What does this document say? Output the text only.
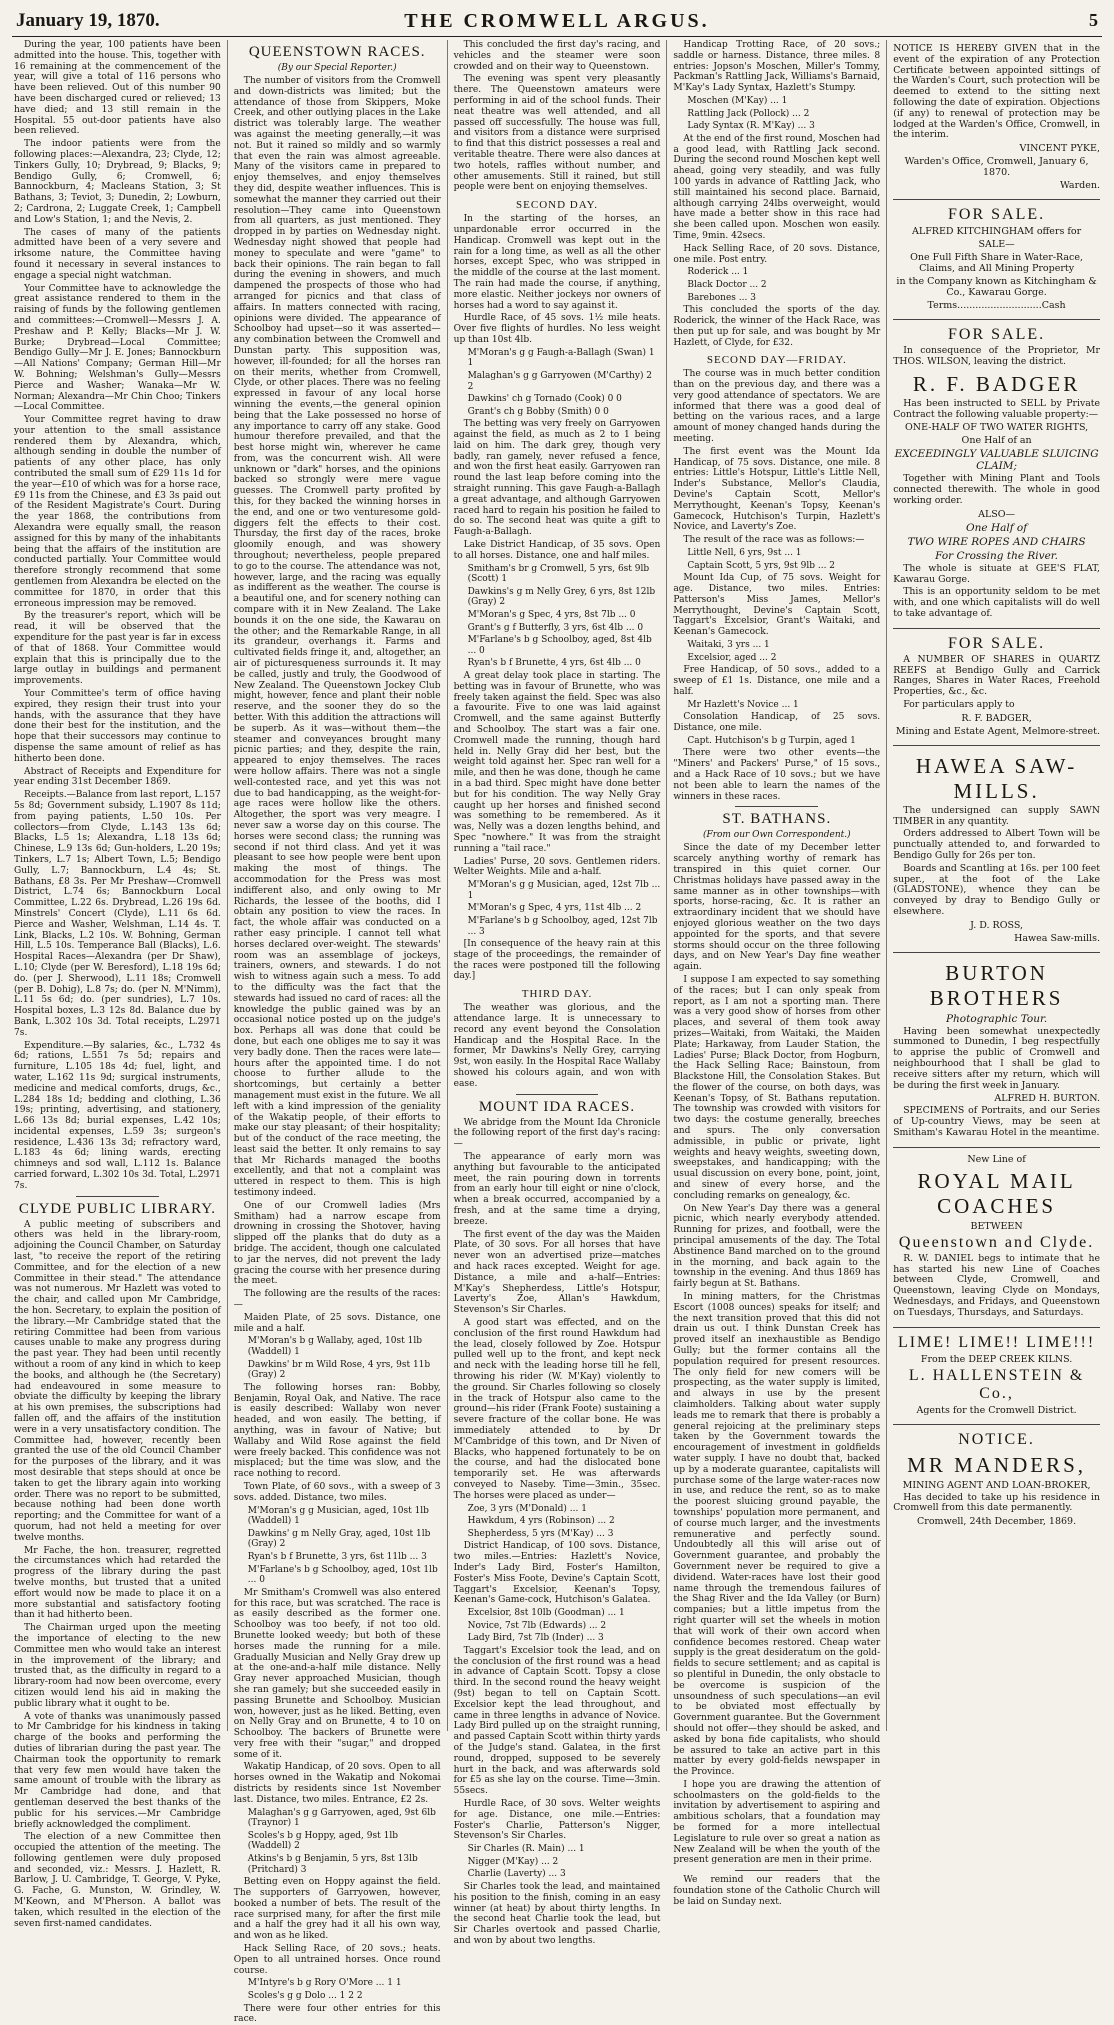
January 19, 1870.	THE CROMWELL ARGUS.	5

During the year, 100 patients have been admitted into the house. This, together with 16 remaining at the commencement of the year, will give a total of 116 persons who have been relieved. Out of this number 90 have been discharged cured or relieved; 13 have died; and 13 still remain in the Hospital. 55 out-door patients have also been relieved.

The indoor patients were from the following places:—Alexandra, 23; Clyde, 12; Tinkers Gully, 10; Drybread, 9; Blacks, 9; Bendigo Gully, 6; Cromwell, 6; Bannockburn, 4; Macleans Station, 3; St Bathans, 3; Teviot, 3; Dunedin, 2; Lowburn, 2; Cardrona, 2; Luggate Creek, 1; Campbell and Low's Station, 1; and the Nevis, 2.

The cases of many of the patients admitted have been of a very severe and irksome nature, the Committee having found it necessary in several instances to engage a special night watchman.

Your Committee have to acknowledge the great assistance rendered to them in the raising of funds by the following gentlemen and committees:—Cromwell—Messrs J. A. Preshaw and P. Kelly; Blacks—Mr J. W. Burke; Drybread—Local Committee; Bendigo Gully—Mr J. E. Jones; Bannockburn—All Nations' Company; German Hill—Mr W. Bohning; Welshman's Gully—Messrs Pierce and Washer; Wanaka—Mr W. Norman; Alexandra—Mr Chin Choo; Tinkers—Local Committee.

Your Committee regret having to draw your attention to the small assistance rendered them by Alexandra, which, although sending in double the number of patients of any other place, has only contributed the small sum of £29 11s 1d for the year—£10 of which was for a horse race, £9 11s from the Chinese, and £3 3s paid out of the Resident Magistrate's Court. During the year 1868, the contributions from Alexandra were equally small, the reason assigned for this by many of the inhabitants being that the affairs of the institution are conducted partially. Your Committee would therefore strongly recommend that some gentlemen from Alexandra be elected on the committee for 1870, in order that this erroneous impression may be removed.

By the treasurer's report, which will be read, it will be observed that the expenditure for the past year is far in excess of that of 1868. Your Committee would explain that this is principally due to the large outlay in buildings and permanent improvements.

Your Committee's term of office having expired, they resign their trust into your hands, with the assurance that they have done their best for the institution, and the hope that their successors may continue to dispense the same amount of relief as has hitherto been done.

Abstract of Receipts and Expenditure for year ending 31st December 1869.

Receipts.—Balance from last report, L.157 5s 8d; Government subsidy, L.1907 8s 11d; from paying patients, L.50 10s. Per collectors—from Clyde, L.143 13s 6d; Blacks, L.5 1s; Alexandra, L.18 13s 6d; Chinese, L.9 13s 6d; Gun-holders, L.20 19s; Tinkers, L.7 1s; Albert Town, L.5; Bendigo Gully, L.7; Bannockburn, L.4 4s; St. Bathans, £8 3s. Per Mr Preshaw—Cromwell District, L.74 6s; Bannockburn Local Committee, L.22 6s. Drybread, L.26 19s 6d. Minstrels' Concert (Clyde), L.11 6s 6d. Pierce and Washer, Welshman, L.14 4s. T. Link, Blacks, L.2 10s. W. Bohning, German Hill, L.5 10s. Temperance Ball (Blacks), L.6. Hospital Races—Alexandra (per Dr Shaw), L.10; Clyde (per W. Beresford), L.18 19s 6d; do. (per J. Sherwood), L.11 18s; Cromwell (per B. Dohig), L.8 7s; do. (per N. M'Nimm), L.11 5s 6d; do. (per sundries), L.7 10s. Hospital boxes, L.3 12s 8d. Balance due by Bank, L.302 10s 3d. Total receipts, L.2971 7s.

Expenditure.—By salaries, &c., L.732 4s 6d; rations, L.551 7s 5d; repairs and furniture, L.105 18s 4d; fuel, light, and water, L.162 11s 9d; surgical instruments, medicine and medical comforts, drugs, &c., L.284 18s 1d; bedding and clothing, L.36 19s; printing, advertising, and stationery, L.66 13s 8d; burial expenses, L.42 10s; incidental expenses, L.59 3s; surgeon's residence, L.436 13s 3d; refractory ward, L.183 4s 6d; lining wards, erecting chimneys and sod wall, L.112 1s. Balance carried forward, L.302 10s 3d. Total, L.2971 7s.

CLYDE PUBLIC LIBRARY.

A public meeting of subscribers and others was held in the library-room, adjoining the Council Chamber, on Saturday last, "to receive the report of the retiring Committee, and for the election of a new Committee in their stead." The attendance was not numerous. Mr Hazlett was voted to the chair, and called upon Mr Cambridge, the hon. Secretary, to explain the position of the library.—Mr Cambridge stated that the retiring Committee had been from various causes unable to make any progress during the past year. They had been until recently without a room of any kind in which to keep the books, and although he (the Secretary) had endeavoured in some measure to obviate the difficulty by keeping the library at his own premises, the subscriptions had fallen off, and the affairs of the institution were in a very unsatisfactory condition. The Committee had, however, recently been granted the use of the old Council Chamber for the purposes of the library, and it was most desirable that steps should at once be taken to get the library again into working order. There was no report to be submitted, because nothing had been done worth reporting; and the Committee for want of a quorum, had not held a meeting for over twelve months.

Mr Fache, the hon. treasurer, regretted the circumstances which had retarded the progress of the library during the past twelve months, but trusted that a united effort would now be made to place it on a more substantial and satisfactory footing than it had hitherto been.

The Chairman urged upon the meeting the importance of electing to the new Committee men who would take an interest in the improvement of the library; and trusted that, as the difficulty in regard to a library-room had now been overcome, every citizen would lend his aid in making the public library what it ought to be.

A vote of thanks was unanimously passed to Mr Cambridge for his kindness in taking charge of the books and performing the duties of librarian during the past year. The Chairman took the opportunity to remark that very few men would have taken the same amount of trouble with the library as Mr Cambridge had done, and that gentleman deserved the best thanks of the public for his services.—Mr Cambridge briefly acknowledged the compliment.

The election of a new Committee then occupied the attention of the meeting. The following gentlemen were duly proposed and seconded, viz.: Messrs. J. Hazlett, R. Barlow, J. U. Cambridge, T. George, V. Pyke, G. Fache, G. Munston, W. Grindley, W. M'Keown, and M'Pherson. A ballot was taken, which resulted in the election of the seven first-named candidates.

QUEENSTOWN RACES.
(By our Special Reporter.)

The number of visitors from the Cromwell and down-districts was limited; but the attendance of those from Skippers, Moke Creek, and other outlying places in the Lake district was tolerably large. The weather was against the meeting generally,—it was not. But it rained so mildly and so warmly that even the rain was almost agreeable. Many of the visitors came in prepared to enjoy themselves, and enjoy themselves they did, despite weather influences. This is somewhat the manner they carried out their resolution—They came into Queenstown from all quarters, as just mentioned. They dropped in by parties on Wednesday night. Wednesday night showed that people had money to speculate and were "game" to back their opinions. The rain began to fall during the evening in showers, and much dampened the prospects of those who had arranged for picnics and that class of affairs. In matters connected with racing, opinions were divided. The appearance of Schoolboy had upset—so it was asserted—any combination between the Cromwell and Dunstan party. This supposition was, however, ill-founded; for all the horses ran on their merits, whether from Cromwell, Clyde, or other places. There was no feeling expressed in favour of any local horse winning the events,—the general opinion being that the Lake possessed no horse of any importance to carry off any stake. Good humour therefore prevailed, and that the best horse might win, wherever he came from, was the concurrent wish. All were unknown or "dark" horses, and the opinions backed so strongly were mere vague guesses. The Cromwell party profited by this, for they backed the winning horses in the end, and one or two venturesome gold-diggers felt the effects to their cost. Thursday, the first day of the races, broke gloomily enough, and was showery throughout; nevertheless, people prepared to go to the course. The attendance was not, however, large, and the racing was equally as indifferent as the weather. The course is a beautiful one, and for scenery nothing can compare with it in New Zealand. The Lake bounds it on the one side, the Kawarau on the other; and the Remarkable Range, in all its grandeur, overhangs it. Farms and cultivated fields fringe it, and, altogether, an air of picturesqueness surrounds it. It may be called, justly and truly, the Goodwood of New Zealand. The Queenstown Jockey Club might, however, fence and plant their noble reserve, and the sooner they do so the better. With this addition the attractions will be superb. As it was—without them—the steamer and conveyances brought many picnic parties; and they, despite the rain, appeared to enjoy themselves. The races were hollow affairs. There was not a single well-contested race, and yet this was not due to bad handicapping, as the weight-for-age races were hollow like the others. Altogether, the sport was very meagre. I never saw a worse day on this course. The horses were second class; the running was second if not third class. And yet it was pleasant to see how people were bent upon making the most of things. The accommodation for the Press was most indifferent also, and only owing to Mr Richards, the lessee of the booths, did I obtain any position to view the races. In fact, the whole affair was conducted on a rather easy principle. I cannot tell what horses declared over-weight. The stewards' room was an assemblage of jockeys, trainers, owners, and stewards. I do not wish to witness again such a mess. To add to the difficulty was the fact that the stewards had issued no card of races: all the knowledge the public gained was by an occasional notice posted up on the judge's box. Perhaps all was done that could be done, but each one obliges me to say it was very badly done. Then the races were late—hours after the appointed time. I do not choose to further allude to the shortcomings, but certainly a better management must exist in the future. We all left with a kind impression of the geniality of the Wakatip people, of their efforts to make our stay pleasant; of their hospitality; but of the conduct of the race meeting, the least said the better. It only remains to say that Mr Richards managed the booths excellently, and that not a complaint was uttered in respect to them. This is high testimony indeed.

One of our Cromwell ladies (Mrs Smitham) had a narrow escape from drowning in crossing the Shotover, having slipped off the planks that do duty as a bridge. The accident, though one calculated to jar the nerves, did not prevent the lady gracing the course with her presence during the meet.

The following are the results of the races:—

Maiden Plate, of 25 sovs. Distance, one mile and a half.

M'Moran's b g Wallaby, aged, 10st 1lb (Waddell) 1
Dawkins' br m Wild Rose, 4 yrs, 9st 11b (Gray) 2

The following horses ran: Bobby, Benjamin, Royal Oak, and Native. The race is easily described: Wallaby won never headed, and won easily. The betting, if anything, was in favour of Native; but Wallaby and Wild Rose against the field were freely backed. This confidence was not misplaced; but the time was slow, and the race nothing to record.

Town Plate, of 60 sovs., with a sweep of 3 sovs. added. Distance, two miles.

M'Moran's g g Musician, aged, 10st 1lb (Waddell) 1
Dawkins' g m Nelly Gray, aged, 10st 1lb (Gray) 2
Ryan's b f Brunette, 3 yrs, 6st 11lb ... 3
M'Farlane's b g Schoolboy, aged, 10st 1lb ... 0

Mr Smitham's Cromwell was also entered for this race, but was scratched. The race is as easily described as the former one. Schoolboy was too beefy, if not too old. Brunette looked weedy; but both of these horses made the running for a mile. Gradually Musician and Nelly Gray drew up at the one-and-a-half mile distance. Nelly Gray never approached Musician, though she ran gamely; but she succeeded easily in passing Brunette and Schoolboy. Musician won, however, just as he liked. Betting, even on Nelly Gray and on Brunette, 4 to 10 on Schoolboy. The backers of Brunette were very free with their "sugar," and dropped some of it.

Wakatip Handicap, of 20 sovs. Open to all horses owned in the Wakatip and Nokomai districts by residents since 1st November last. Distance, two miles. Entrance, £2 2s.

Malaghan's g g Garryowen, aged, 9st 6lb (Traynor) 1
Scoles's b g Hoppy, aged, 9st 1lb (Waddell) 2
Atkins's b g Benjamin, 5 yrs, 8st 13lb (Pritchard) 3

Betting even on Hoppy against the field. The supporters of Garryowen, however, booked a number of bets. The result of the race surprised many, for after the first mile and a half the grey had it all his own way, and won as he liked.

Hack Selling Race, of 20 sovs.; heats. Open to all untrained horses. Once round course.

M'Intyre's b g Rory O'More ... 1 1
Scoles's g g Dolo ... 1 2 2

There were four other entries for this race.

This concluded the first day's racing, and vehicles and the steamer were soon crowded and on their way to Queenstown.

The evening was spent very pleasantly there. The Queenstown amateurs were performing in aid of the school funds. Their neat theatre was well attended, and all passed off successfully. The house was full, and visitors from a distance were surprised to find that this district possesses a real and veritable theatre. There were also dances at two hotels, raffles without number, and other amusements. Still it rained, but still people were bent on enjoying themselves.

SECOND DAY.

In the starting of the horses, an unpardonable error occurred in the Handicap. Cromwell was kept out in the rain for a long time, as well as all the other horses, except Spec, who was stripped in the middle of the course at the last moment. The rain had made the course, if anything, more elastic. Neither jockeys nor owners of horses had a word to say against it.

Hurdle Race, of 45 sovs. 1½ mile heats. Over five flights of hurdles. No less weight up than 10st 4lb.

M'Moran's g g Faugh-a-Ballagh (Swan) 1 1
Malaghan's g g Garryowen (M'Carthy) 2 2
Dawkins' ch g Tornado (Cook) 0 0
Grant's ch g Bobby (Smith) 0 0

The betting was very freely on Garryowen against the field, as much as 2 to 1 being laid on him. The dark grey, though very badly, ran gamely, never refused a fence, and won the first heat easily. Garryowen ran round the last leap before coming into the straight running. This gave Faugh-a-Ballagh a great advantage, and although Garryowen raced hard to regain his position he failed to do so. The second heat was quite a gift to Faugh-a-Ballagh.

Lake District Handicap, of 35 sovs. Open to all horses. Distance, one and half miles.

Smitham's br g Cromwell, 5 yrs, 6st 9lb (Scott) 1
Dawkins's g m Nelly Grey, 6 yrs, 8st 12lb (Gray) 2
M'Moran's g Spec, 4 yrs, 8st 7lb ... 0
Grant's g f Butterfly, 3 yrs, 6st 4lb ... 0
M'Farlane's b g Schoolboy, aged, 8st 4lb ... 0
Ryan's b f Brunette, 4 yrs, 6st 4lb ... 0

A great delay took place in starting. The betting was in favour of Brunette, who was freely taken against the field. Spec was also a favourite. Five to one was laid against Cromwell, and the same against Butterfly and Schoolboy. The start was a fair one. Cromwell made the running, though hard held in. Nelly Gray did her best, but the weight told against her. Spec ran well for a mile, and then he was done, though he came in a bad third. Spec might have done better but for his condition. The way Nelly Gray caught up her horses and finished second was something to be remembered. As it was, Nelly was a dozen lengths behind, and Spec "nowhere." It was from the straight running a "tail race."

Ladies' Purse, 20 sovs. Gentlemen riders. Welter Weights. Mile and a-half.

M'Moran's g g Musician, aged, 12st 7lb ... 1
M'Moran's g Spec, 4 yrs, 11st 4lb ... 2
M'Farlane's b g Schoolboy, aged, 12st 7lb ... 3

[In consequence of the heavy rain at this stage of the proceedings, the remainder of the races were postponed till the following day.]

THIRD DAY.

The weather was glorious, and the attendance large. It is unnecessary to record any event beyond the Consolation Handicap and the Hospital Race. In the former, Mr Dawkins's Nelly Grey, carrying 9st, won easily. In the Hospital Race Wallaby showed his colours again, and won with ease.

MOUNT IDA RACES.

We abridge from the Mount Ida Chronicle the following report of the first day's racing:—

The appearance of early morn was anything but favourable to the anticipated meet, the rain pouring down in torrents from an early hour till eight or nine o'clock, when a break occurred, accompanied by a fresh, and at the same time a drying, breeze.

The first event of the day was the Maiden Plate, of 30 sovs. For all horses that have never won an advertised prize—matches and hack races excepted. Weight for age. Distance, a mile and a-half—Entries: M'Kay's Shepherdess, Little's Hotspur, Laverty's Zoe, Allan's Hawkdum, Stevenson's Sir Charles.

A good start was effected, and on the conclusion of the first round Hawkdum had the lead, closely followed by Zoe. Hotspur pulled well up to the front, and kept neck and neck with the leading horse till he fell, throwing his rider (W. M'Kay) violently to the ground. Sir Charles following so closely in the track of Hotspur also came to the ground—his rider (Frank Foote) sustaining a severe fracture of the collar bone. He was immediately attended to by Dr M'Cambridge of this town, and Dr Niven of Blacks, who happened fortunately to be on the course, and had the dislocated bone temporarily set. He was afterwards conveyed to Naseby. Time—3min., 35sec. The horses were placed as under—

Zoe, 3 yrs (M'Donald) ... 1
Hawkdum, 4 yrs (Robinson) ... 2
Shepherdess, 5 yrs (M'Kay) ... 3

District Handicap, of 100 sovs. Distance, two miles.—Entries: Hazlett's Novice, Inder's Lady Bird, Foster's Hamilton, Foster's Miss Foote, Devine's Captain Scott, Taggart's Excelsior, Keenan's Topsy, Keenan's Game-cock, Hutchison's Galatea.

Excelsior, 8st 10lb (Goodman) ... 1
Novice, 7st 7lb (Edwards) ... 2
Lady Bird, 7st 7lb (Inder) ... 3

Taggart's Excelsior took the lead, and on the conclusion of the first round was a head in advance of Captain Scott. Topsy a close third. In the second round the heavy weight (9st) began to tell on Captain Scott. Excelsior kept the lead throughout, and came in three lengths in advance of Novice. Lady Bird pulled up on the straight running, and passed Captain Scott within thirty yards of the Judge's stand. Galatea, in the first round, dropped, supposed to be severely hurt in the back, and was afterwards sold for £5 as she lay on the course. Time—3min. 55secs.

Hurdle Race, of 30 sovs. Welter weights for age. Distance, one mile.—Entries: Foster's Charlie, Patterson's Nigger, Stevenson's Sir Charles.

Sir Charles (R. Main) ... 1
Nigger (M'Kay) ... 2
Charlie (Laverty) ... 3

Sir Charles took the lead, and maintained his position to the finish, coming in an easy winner (at heat) by about thirty lengths. In the second heat Charlie took the lead, but Sir Charles overtook and passed Charlie, and won by about two lengths.

Handicap Trotting Race, of 20 sovs.; saddle or harness. Distance, three miles. 8 entries: Jopson's Moschen, Miller's Tommy, Packman's Rattling Jack, Williams's Barnaid, M'Kay's Lady Syntax, Hazlett's Stumpy.

Moschen (M'Kay) ... 1
Rattling Jack (Pollock) ... 2
Lady Syntax (R. M'Kay) ... 3

At the end of the first round, Moschen had a good lead, with Rattling Jack second. During the second round Moschen kept well ahead, going very steadily, and was fully 100 yards in advance of Rattling Jack, who still maintained his second place. Barnaid, although carrying 24lbs overweight, would have made a better show in this race had she been called upon. Moschen won easily. Time, 9min. 42secs.

Hack Selling Race, of 20 sovs. Distance, one mile. Post entry.

Roderick ... 1
Black Doctor ... 2
Barebones ... 3

This concluded the sports of the day. Roderick, the winner of the Hack Race, was then put up for sale, and was bought by Mr Hazlett, of Clyde, for £32.

SECOND DAY—FRIDAY.

The course was in much better condition than on the previous day, and there was a very good attendance of spectators. We are informed that there was a good deal of betting on the various races, and a large amount of money changed hands during the meeting.

The first event was the Mount Ida Handicap, of 75 sovs. Distance, one mile. 8 entries: Little's Hotspur, Little's Little Nell, Inder's Substance, Mellor's Claudia, Devine's Captain Scott, Mellor's Merrythought, Keenan's Topsy, Keenan's Gamecock, Hutchison's Turpin, Hazlett's Novice, and Laverty's Zoe.

The result of the race was as follows:—

Little Nell, 6 yrs, 9st ... 1
Captain Scott, 5 yrs, 9st 9lb ... 2

Mount Ida Cup, of 75 sovs. Weight for age. Distance, two miles. Entries: Patterson's Miss James, Mellor's Merrythought, Devine's Captain Scott, Taggart's Excelsior, Grant's Waitaki, and Keenan's Gamecock.

Waitaki, 3 yrs ... 1
Excelsior, aged ... 2

Free Handicap, of 50 sovs., added to a sweep of £1 1s. Distance, one mile and a half.

Mr Hazlett's Novice ... 1

Consolation Handicap, of 25 sovs. Distance, one mile.

Capt. Hutchison's b g Turpin, aged 1

There were two other events—the "Miners' and Packers' Purse," of 15 sovs., and a Hack Race of 10 sovs.; but we have not been able to learn the names of the winners in these races.

ST. BATHANS.
(From our Own Correspondent.)

Since the date of my December letter scarcely anything worthy of remark has transpired in this quiet corner. Our Christmas holidays have passed away in the same manner as in other townships—with sports, horse-racing, &c. It is rather an extraordinary incident that we should have enjoyed glorious weather on the two days appointed for the sports, and that severe storms should occur on the three following days, and on New Year's Day fine weather again.

I suppose I am expected to say something of the races; but I can only speak from report, as I am not a sporting man. There was a very good show of horses from other places, and several of them took away prizes—Waitaki, from Waitaki, the Maiden Plate; Harkaway, from Lauder Station, the Ladies' Purse; Black Doctor, from Hogburn, the Hack Selling Race; Bainstoun, from Blackstone Hill, the Consolation Stakes. But the flower of the course, on both days, was Keenan's Topsy, of St. Bathans reputation. The township was crowded with visitors for two days: the costume generally, breeches and spurs. The only conversation admissible, in public or private, light weights and heavy weights, sweeting down, sweepstakes, and handicapping; with the usual discussion on every bone, point, joint, and sinew of every horse, and the concluding remarks on genealogy, &c.

On New Year's Day there was a general picnic, which nearly everybody attended. Running for prizes, and football, were the principal amusements of the day. The Total Abstinence Band marched on to the ground in the morning, and back again to the township in the evening. And thus 1869 has fairly begun at St. Bathans.

In mining matters, for the Christmas Escort (1008 ounces) speaks for itself; and the next transition proved that this did not drain us out. I think Dunstan Creek has proved itself an inexhaustible as Bendigo Gully; but the former contains all the population required for present resources. The only field for new comers will be prospecting, as the water supply is limited, and always in use by the present claimholders. Talking about water supply leads me to remark that there is probably a general rejoicing at the preliminary steps taken by the Government towards the encouragement of investment in goldfields water supply. I have no doubt that, backed up by a moderate guarantee, capitalists will purchase some of the large water-races now in use, and reduce the rent, so as to make the poorest sluicing ground payable, the townships' population more permanent, and of course much larger, and the investments remunerative and perfectly sound. Undoubtedly all this will arise out of Government guarantee, and probably the Government never be required to give a dividend. Water-races have lost their good name through the tremendous failures of the Shag River and the Ida Valley (or Burn) companies; but a little impetus from the right quarter will set the wheels in motion that will work of their own accord when confidence becomes restored. Cheap water supply is the great desideratum on the gold-fields to secure settlement; and as capital is so plentiful in Dunedin, the only obstacle to be overcome is suspicion of the unsoundness of such speculations—an evil to be obviated most effectually by Government guarantee. But the Government should not offer—they should be asked, and asked by bona fide capitalists, who should be assured to take an active part in this matter by every gold-fields newspaper in the Province.

I hope you are drawing the attention of schoolmasters on the gold-fields to the invitation by advertisement to aspiring and ambitious scholars, that a foundation may be formed for a more intellectual Legislature to rule over so great a nation as New Zealand will be when the youth of the present generation are men in their prime.

We remind our readers that the foundation stone of the Catholic Church will be laid on Sunday next.

NOTICE IS HEREBY GIVEN that in the event of the expiration of any Protection Certificate between appointed sittings of the Warden's Court, such protection will be deemed to extend to the sitting next following the date of expiration. Objections (if any) to renewal of protection may be lodged at the Warden's Office, Cromwell, in the interim.

VINCENT PYKE,
Warden's Office, Cromwell, January 6, 1870.
Warden.
FOR SALE.
ALFRED KITCHINGHAM offers for
SALE—
One Full Fifth Share in Water-Race, Claims, and All Mining Property
in the Company known as Kitchingham & Co., Kawarau Gorge.
Terms............................Cash
FOR SALE.

In consequence of the Proprietor, Mr THOS. WILSON, leaving the district.

R. F. BADGER

Has been instructed to SELL by Private Contract the following valuable property:—

ONE-HALF OF TWO WATER RIGHTS,
One Half of an
EXCEEDINGLY VALUABLE SLUICING CLAIM;

Together with Mining Plant and Tools connected therewith. The whole in good working order.

ALSO—
One Half of
TWO WIRE ROPES AND CHAIRS
For Crossing the River.

The whole is situate at GEE'S FLAT, Kawarau Gorge.

This is an opportunity seldom to be met with, and one which capitalists will do well to take advantage of.

FOR SALE.

A NUMBER OF SHARES in QUARTZ REEFS at Bendigo Gully and Carrick Ranges, Shares in Water Races, Freehold Properties, &c., &c.

For particulars apply to

R. F. BADGER,
Mining and Estate Agent, Melmore-street.
HAWEA SAW-MILLS.

The undersigned can supply SAWN TIMBER in any quantity.

Orders addressed to Albert Town will be punctually attended to, and forwarded to Bendigo Gully for 26s per ton.

Boards and Scantling at 16s. per 100 feet super., at the foot of the Lake (GLADSTONE), whence they can be conveyed by dray to Bendigo Gully or elsewhere.

J. D. ROSS,
Hawea Saw-mills.
BURTON BROTHERS
Photographic Tour.

Having been somewhat unexpectedly summoned to Dunedin, I beg respectfully to apprise the public of Cromwell and neighbourhood that I shall be glad to receive sitters after my return, which will be during the first week in January.

ALFRED H. BURTON.

SPECIMENS of Portraits, and our Series of Up-country Views, may be seen at Smitham's Kawarau Hotel in the meantime.

New Line of
ROYAL MAIL COACHES
BETWEEN
Queenstown and Clyde.

R. W. DANIEL begs to intimate that he has started his new Line of Coaches between Clyde, Cromwell, and Queenstown, leaving Clyde on Mondays, Wednesdays, and Fridays, and Queenstown on Tuesdays, Thursdays, and Saturdays.

LIME! LIME!! LIME!!!
From the DEEP CREEK KILNS.
L. HALLENSTEIN & Co.,
Agents for the Cromwell District.
NOTICE.
MR MANDERS,
MINING AGENT AND LOAN-BROKER,

Has decided to take up his residence in Cromwell from this date permanently.

Cromwell, 24th December, 1869.
